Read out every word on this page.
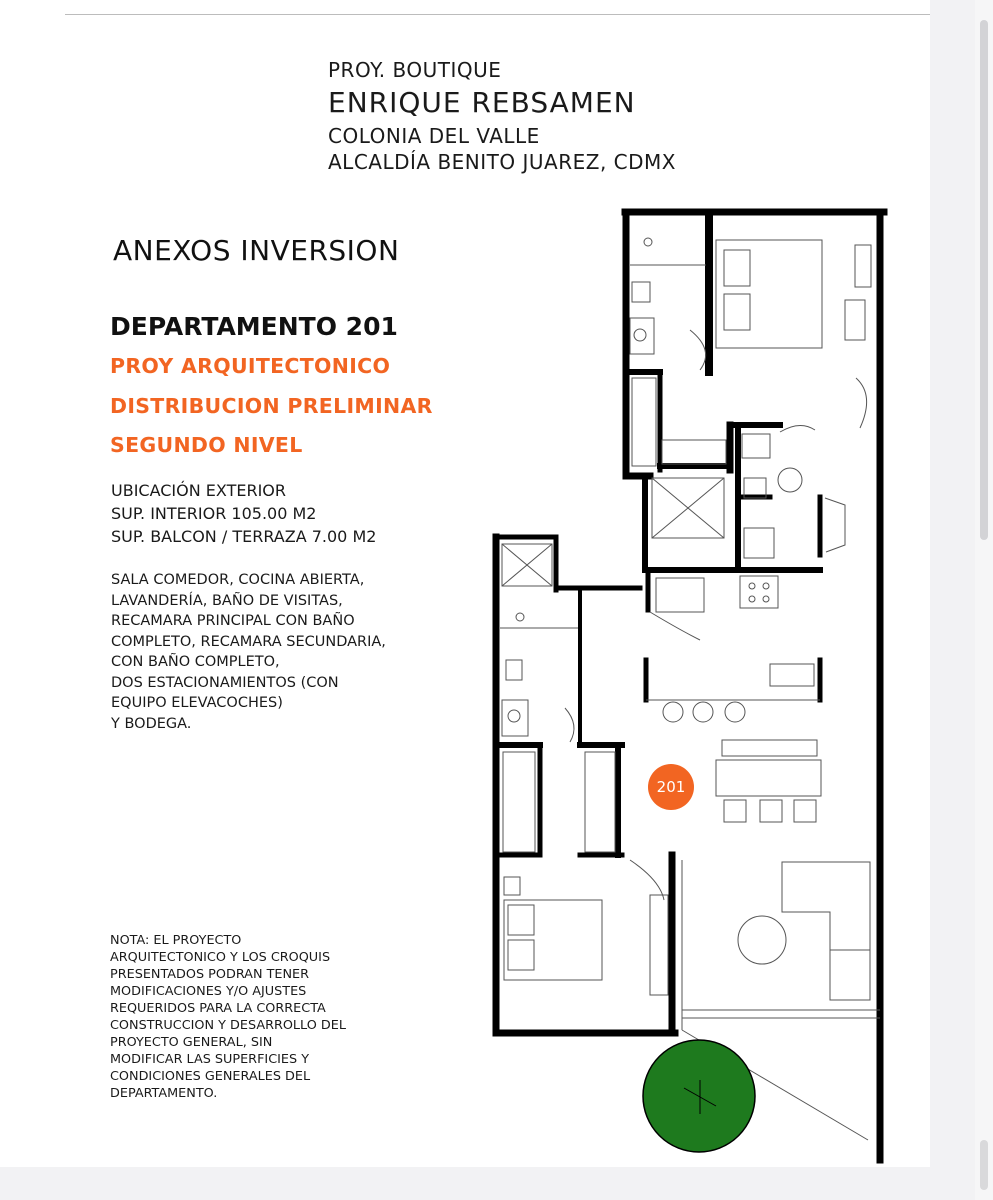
PROY. BOUTIQUE
ENRIQUE REBSAMEN
COLONIA DEL VALLE
ALCALDÍA BENITO JUAREZ, CDMX
ANEXOS INVERSION
DEPARTAMENTO 201
PROY ARQUITECTONICO
DISTRIBUCION PRELIMINAR
SEGUNDO NIVEL
UBICACIÓN EXTERIOR
SUP. INTERIOR 105.00 M2
SUP. BALCON / TERRAZA 7.00 M2
SALA COMEDOR, COCINA ABIERTA,
LAVANDERÍA, BAÑO DE VISITAS,
RECAMARA PRINCIPAL CON BAÑO
COMPLETO, RECAMARA SECUNDARIA,
CON BAÑO COMPLETO,
DOS ESTACIONAMIENTOS (CON
EQUIPO ELEVACOCHES)
Y BODEGA.
NOTA: EL PROYECTO
ARQUITECTONICO Y LOS CROQUIS
PRESENTADOS PODRAN TENER
MODIFICACIONES Y/O AJUSTES
REQUERIDOS PARA LA CORRECTA
CONSTRUCCION Y DESARROLLO DEL
PROYECTO GENERAL, SIN
MODIFICAR LAS SUPERFICIES Y
CONDICIONES GENERALES DEL
DEPARTAMENTO.
201
